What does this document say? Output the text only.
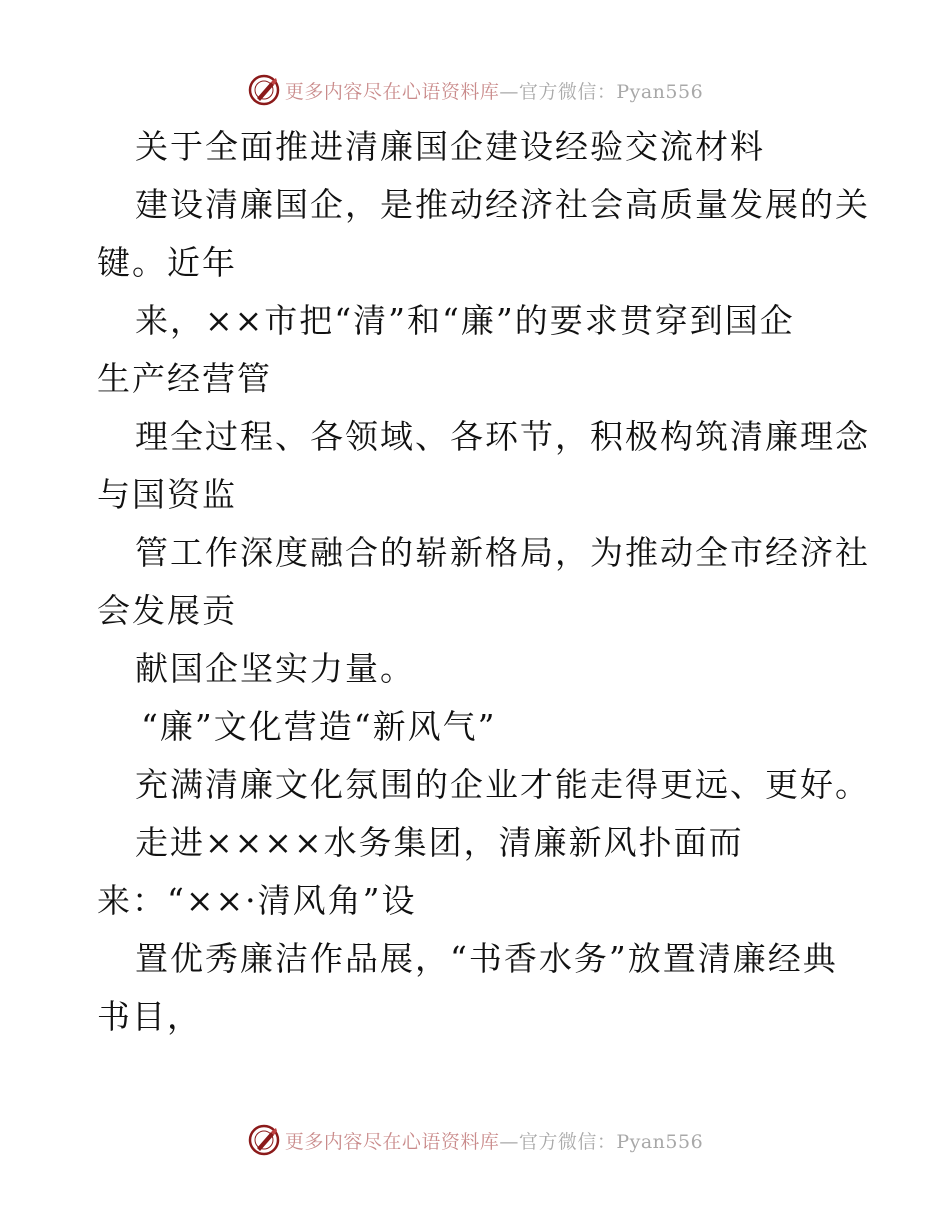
更多内容尽在心语资料库—官方微信：Pyan556
关于全面推进清廉国企建设经验交流材料
建设清廉国企，是推动经济社会高质量发展的关
键。近年
来，××市把“清”和“廉”的要求贯穿到国企
生产经营管
理全过程、各领域、各环节，积极构筑清廉理念
与国资监
管工作深度融合的崭新格局，为推动全市经济社
会发展贡
献国企坚实力量。
“廉”文化营造“新风气”
充满清廉文化氛围的企业才能走得更远、更好。
走进××××水务集团，清廉新风扑面而
来：“××·清风角”设
置优秀廉洁作品展，“书香水务”放置清廉经典
书目，
更多内容尽在心语资料库—官方微信：Pyan556
